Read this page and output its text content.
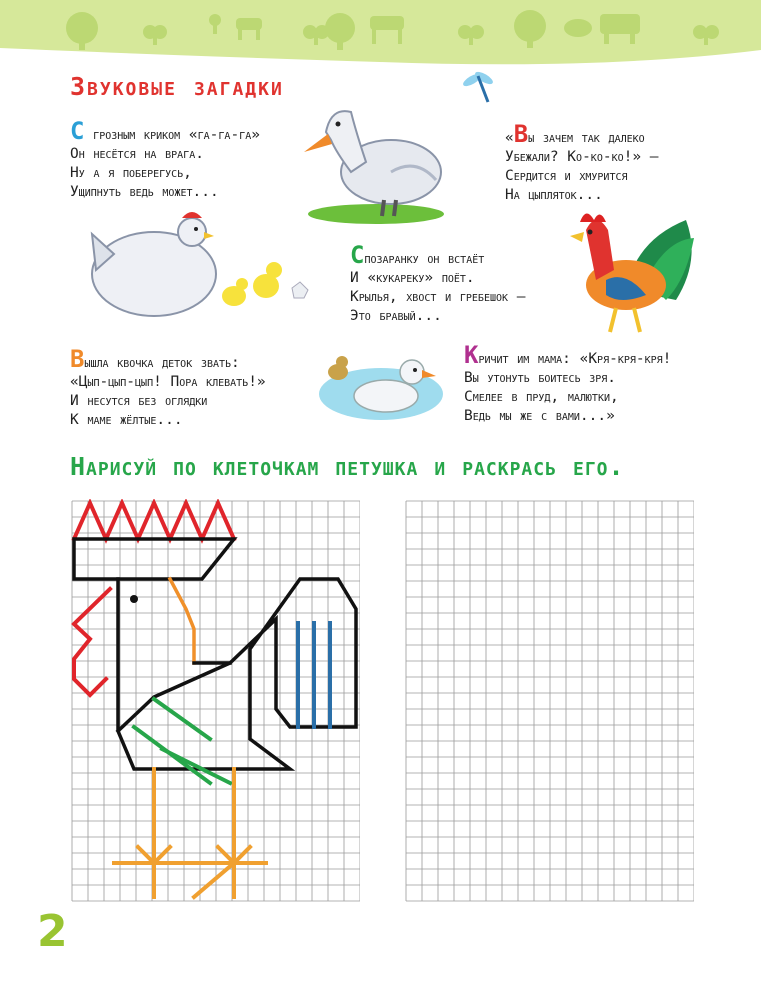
Звуковые загадки
С грозным криком «га-га-га»
Он несётся на врага.
Ну а я поберегусь,
Ущипнуть ведь может...
«Вы зачем так далеко
Убежали? Ко-ко-ко!» —
Сердится и хмурится
На цыпляток...
Спозаранку он встаёт
И «кукареку» поёт.
Крылья, хвост и гребешок —
Это бравый...
Вышла квочка деток звать:
«Цып-цып-цып! Пора клевать!»
И несутся без оглядки
К маме жёлтые...
Кричит им мама: «Кря-кря-кря!
Вы утонуть боитесь зря.
Смелее в пруд, малютки,
Ведь мы же с вами...»
Нарисуй по клеточкам петушка и раскрась его.
2
